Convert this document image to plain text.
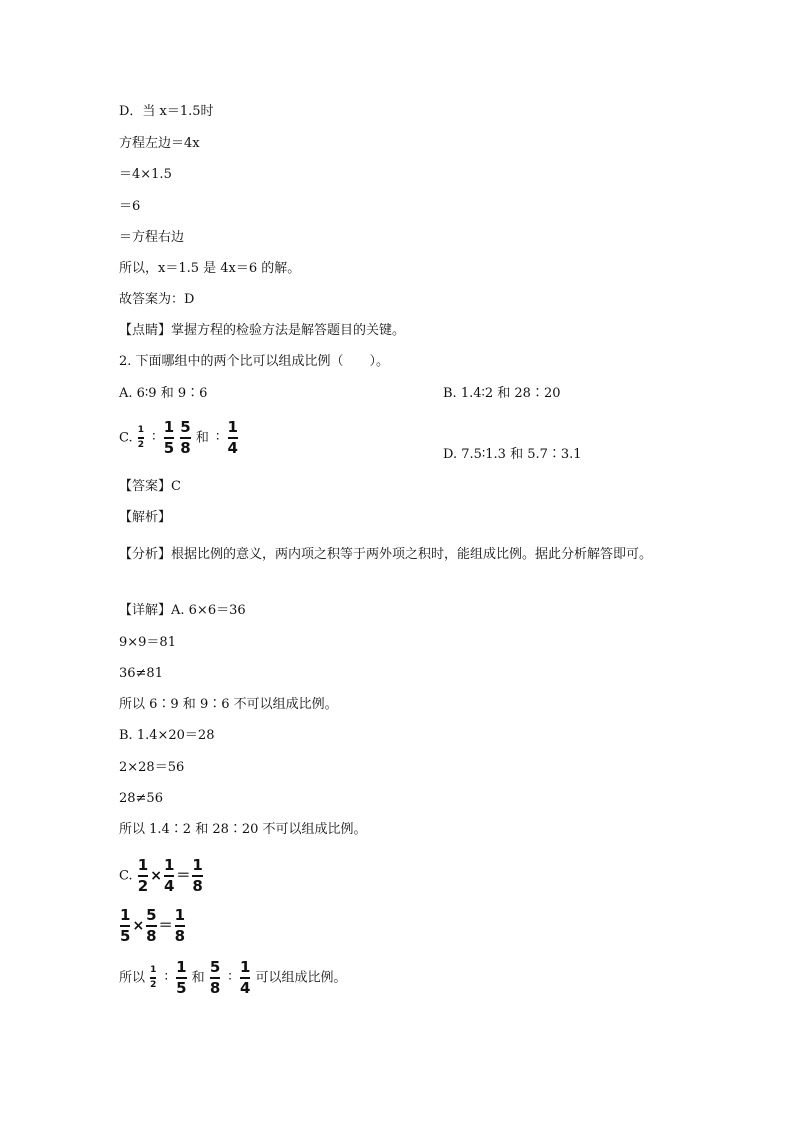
D．当 x＝1.5时
方程左边＝4x
＝4×1.5
＝6
＝方程右边
所以，x＝1.5 是 4x＝6 的解。
故答案为：D
【点睛】掌握方程的检验方法是解答题目的关键。
2. 下面哪组中的两个比可以组成比例（　　）。
A. 6∶9 和 9∶6	B. 1.4∶2 和 28∶20
C. $\frac{1}{2}$ ∶ $\frac{1}{5}$
$\frac{5}{8}$ 和 ∶ $\frac{1}{4}$	D. 7.5∶1.3 和 5.7∶3.1
【答案】C
【解析】
【分析】根据比例的意义，两内项之积等于两外项之积时，能组成比例。据此分析解答即可。
【详解】A. 6×6＝36
9×9＝81
36≠81
所以 6∶9 和 9∶6 不可以组成比例。
B. 1.4×20＝28
2×28＝56
28≠56
所以 1.4∶2 和 28∶20 不可以组成比例。
C. $\frac{1}{2} \times \frac{1}{4} = \frac{1}{8}$
$\frac{1}{5} \times \frac{5}{8} = \frac{1}{8}$
所以 $\frac{1}{2}$ ∶ $\frac{1}{5}$ 和 $\frac{5}{8}$ ∶ $\frac{1}{4}$ 可以组成比例。
